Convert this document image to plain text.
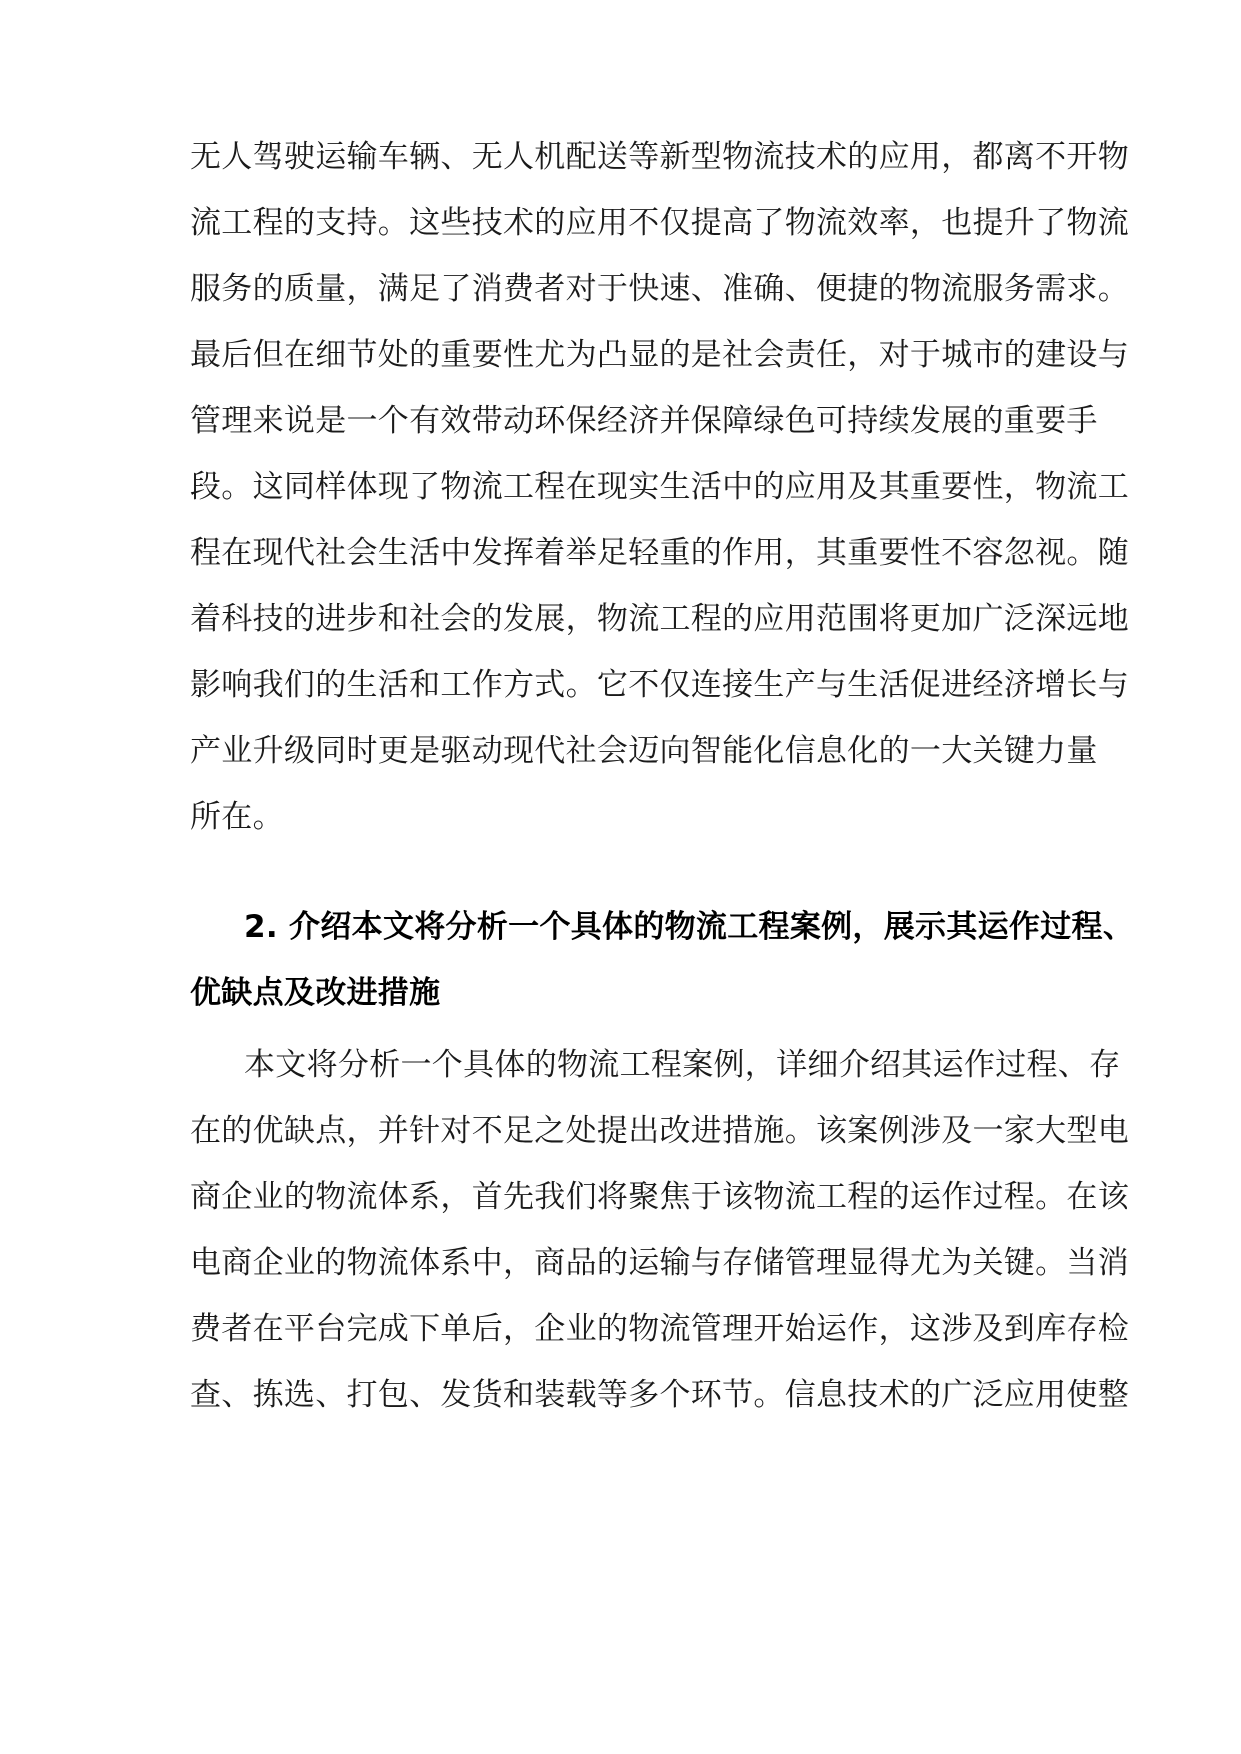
无人驾驶运输车辆、无人机配送等新型物流技术的应用，都离不开物
流工程的支持。这些技术的应用不仅提高了物流效率，也提升了物流
服务的质量，满足了消费者对于快速、准确、便捷的物流服务需求。
最后但在细节处的重要性尤为凸显的是社会责任，对于城市的建设与
管理来说是一个有效带动环保经济并保障绿色可持续发展的重要手
段。这同样体现了物流工程在现实生活中的应用及其重要性，物流工
程在现代社会生活中发挥着举足轻重的作用，其重要性不容忽视。随
着科技的进步和社会的发展，物流工程的应用范围将更加广泛深远地
影响我们的生活和工作方式。它不仅连接生产与生活促进经济增长与
产业升级同时更是驱动现代社会迈向智能化信息化的一大关键力量
所在。
2. 介绍本文将分析一个具体的物流工程案例，展示其运作过程、
优缺点及改进措施
本文将分析一个具体的物流工程案例，详细介绍其运作过程、存
在的优缺点，并针对不足之处提出改进措施。该案例涉及一家大型电
商企业的物流体系，首先我们将聚焦于该物流工程的运作过程。在该
电商企业的物流体系中，商品的运输与存储管理显得尤为关键。当消
费者在平台完成下单后，企业的物流管理开始运作，这涉及到库存检
查、拣选、打包、发货和装载等多个环节。信息技术的广泛应用使整
